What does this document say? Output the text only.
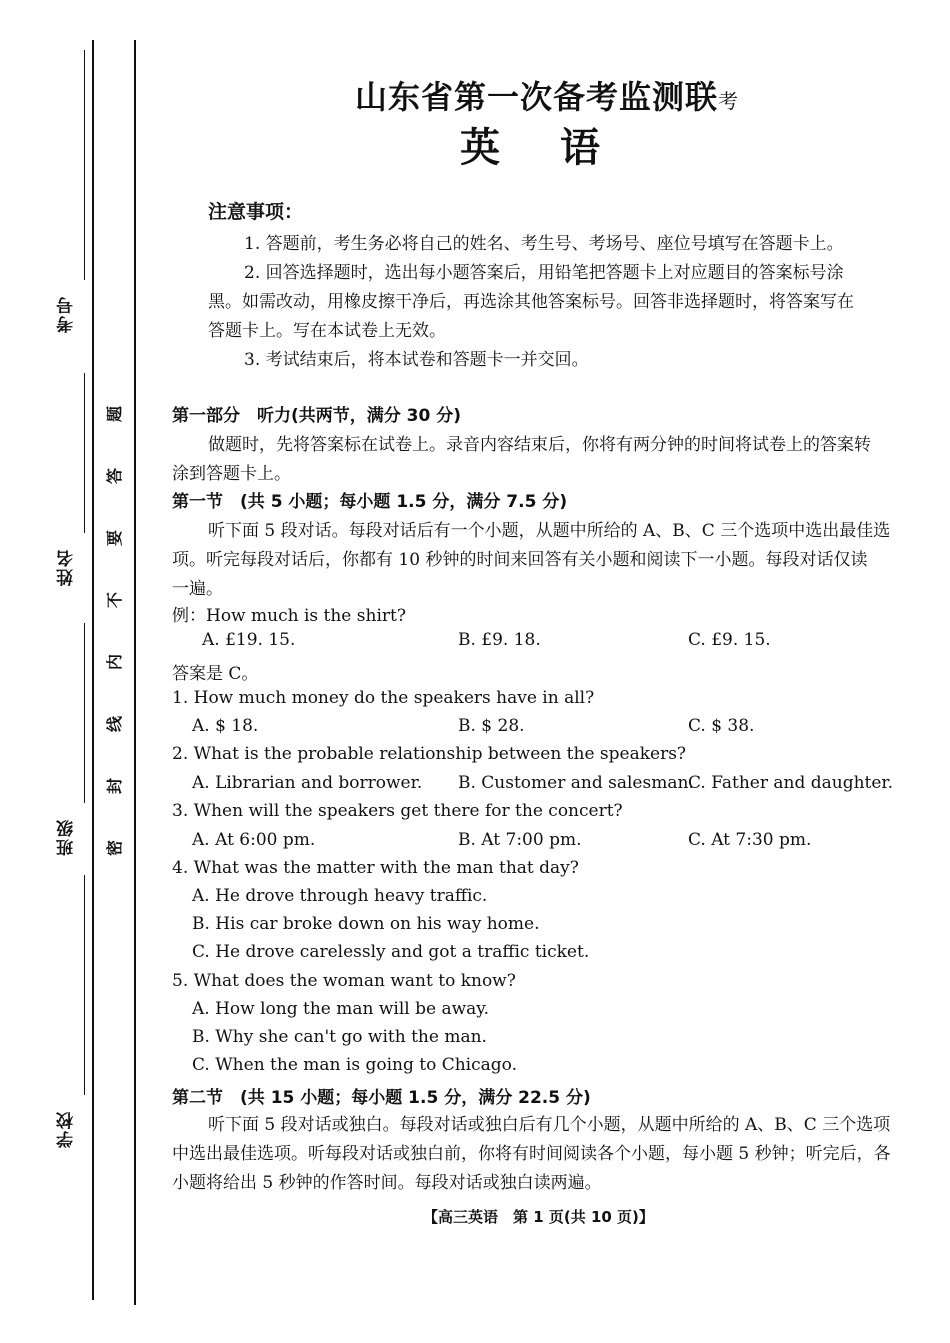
考号
姓名
班级
学校
题
答
要
不
内
线
封
密
山东省第一次备考监测联考
英语
注意事项：
1. 答题前，考生务必将自己的姓名、考生号、考场号、座位号填写在答题卡上。
2. 回答选择题时，选出每小题答案后，用铅笔把答题卡上对应题目的答案标号涂
黑。如需改动，用橡皮擦干净后，再选涂其他答案标号。回答非选择题时，将答案写在
答题卡上。写在本试卷上无效。
3. 考试结束后，将本试卷和答题卡一并交回。
第一部分　听力(共两节，满分 30 分)
做题时，先将答案标在试卷上。录音内容结束后，你将有两分钟的时间将试卷上的答案转
涂到答题卡上。
第一节　(共 5 小题；每小题 1.5 分，满分 7.5 分)
听下面 5 段对话。每段对话后有一个小题，从题中所给的 A、B、C 三个选项中选出最佳选
项。听完每段对话后，你都有 10 秒钟的时间来回答有关小题和阅读下一小题。每段对话仅读
一遍。
例：How much is the shirt?
A. £19. 15.	B. £9. 18.	C. £9. 15.
答案是 C。
1. How much money do the speakers have in all?
A. $ 18.	B. $ 28.	C. $ 38.
2. What is the probable relationship between the speakers?
A. Librarian and borrower. B. Customer and salesman.
C. Father and daughter.
3. When will the speakers get there for the concert?
A. At 6:00 pm.	B. At 7:00 pm.	C. At 7:30 pm.
4. What was the matter with the man that day?
A. He drove through heavy traffic.
B. His car broke down on his way home.
C. He drove carelessly and got a traffic ticket.
5. What does the woman want to know?
A. How long the man will be away.
B. Why she can't go with the man.
C. When the man is going to Chicago.
第二节　(共 15 小题；每小题 1.5 分，满分 22.5 分)
听下面 5 段对话或独白。每段对话或独白后有几个小题，从题中所给的 A、B、C 三个选项
中选出最佳选项。听每段对话或独白前，你将有时间阅读各个小题，每小题 5 秒钟；听完后，各
小题将给出 5 秒钟的作答时间。每段对话或独白读两遍。
【高三英语　第 1 页(共 10 页)】
